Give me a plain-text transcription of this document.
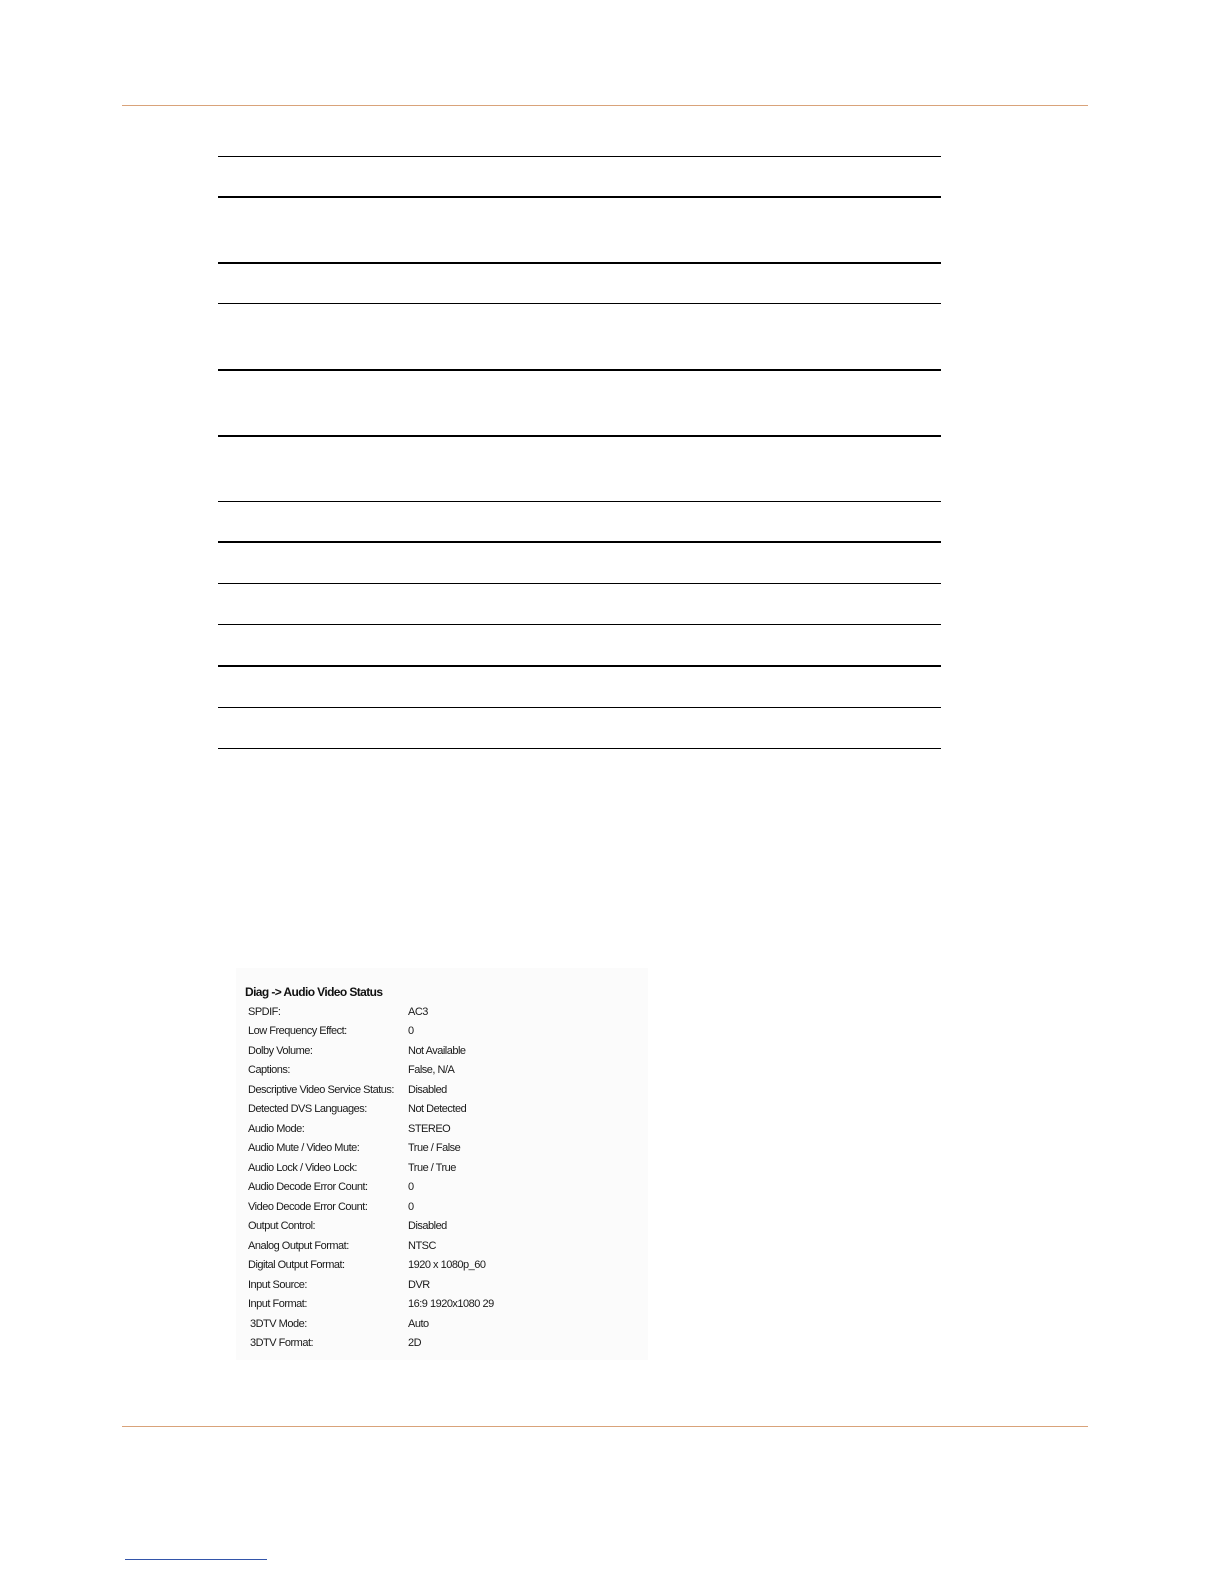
Diag -> Audio Video Status
SPDIF:	AC3
Low Frequency Effect:	0
Dolby Volume:	Not Available
Captions:	False, N/A
Descriptive Video Service Status: Disabled
Detected DVS Languages:	Not Detected
Audio Mode:	STEREO
Audio Mute / Video Mute:	True / False
Audio Lock / Video Lock:	True / True
Audio Decode Error Count:	0
Video Decode Error Count:	0
Output Control:	Disabled
Analog Output Format:	NTSC
Digital Output Format:	1920 x 1080p_60
Input Source:	DVR
Input Format:	16:9 1920x1080 29
3DTV Mode:	Auto
3DTV Format:	2D
